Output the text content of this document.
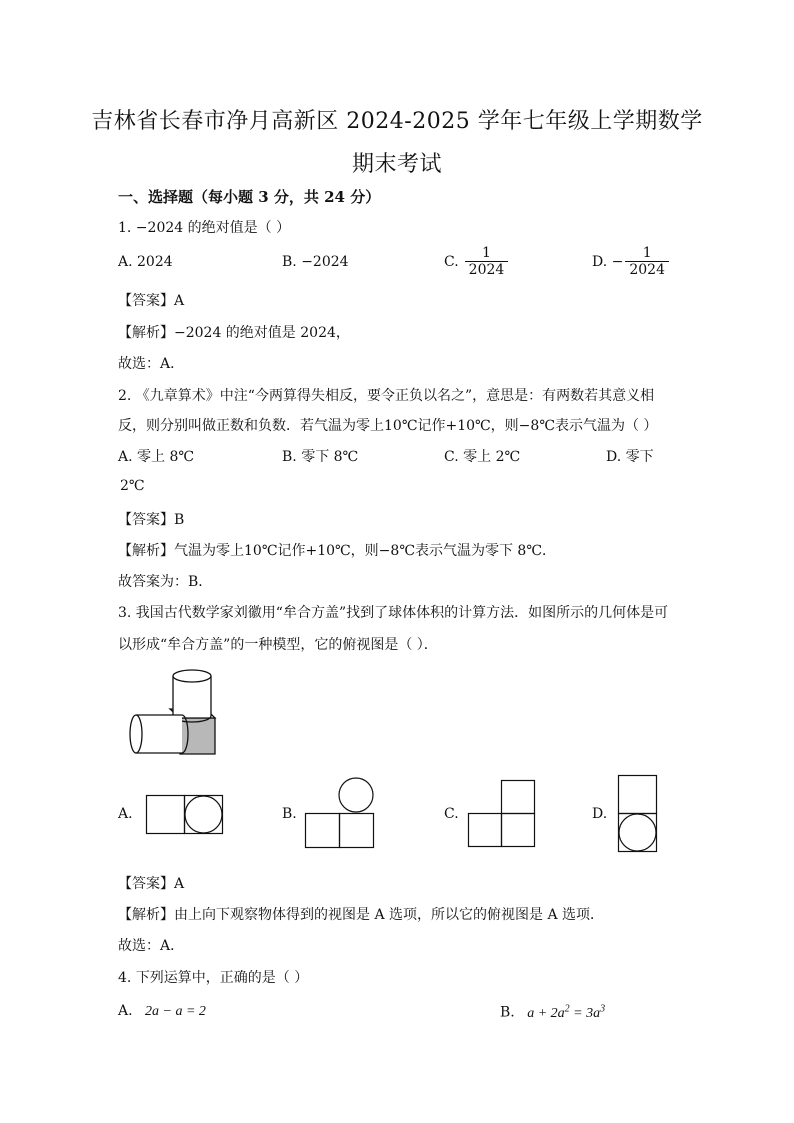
吉林省长春市净月高新区 2024-2025 学年七年级上学期数学
期末考试
一、选择题（每小题 3 分，共 24 分）
1. −2024 的绝对值是（ ）
A. 2024	B. −2024	C. $\frac{1}{2024}$	D. − $\frac{1}{2024}$
【答案】A
【解析】−2024 的绝对值是 2024，
故选：A．
2. 《九章算术》中注“今两算得失相反，要令正负以名之”，意思是：有两数若其意义相
反，则分别叫做正数和负数．若气温为零上10℃记作+10℃，则−8℃表示气温为（ ）
A. 零上 8℃	B. 零下 8℃	C. 零上 2℃	D. 零下
2℃
【答案】B
【解析】气温为零上10℃记作+10℃，则−8℃表示气温为零下 8℃．
故答案为：B．
3. 我国古代数学家刘徽用“牟合方盖”找到了球体体积的计算方法．如图所示的几何体是可
以形成“牟合方盖”的一种模型，它的俯视图是（ ）．
A.	B.	C.	D.
【答案】A
【解析】由上向下观察物体得到的视图是 A 选项，所以它的俯视图是 A 选项．
故选：A．
4. 下列运算中，正确的是（ ）
A. 2a − a = 2	B. $a + 2a^2 = 3a^3$
